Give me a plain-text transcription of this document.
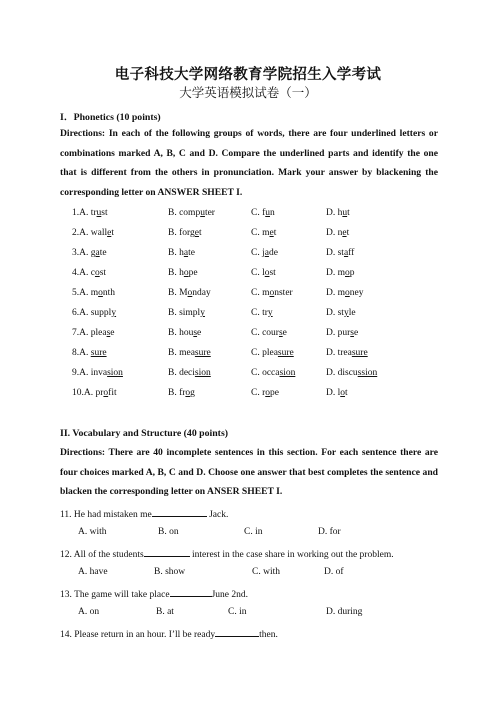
电子科技大学网络教育学院招生入学考试
大学英语模拟试卷（一）
I．Phonetics (10 points)
Directions: In each of the following groups of words, there are four underlined letters or combinations marked A, B, C and D. Compare the underlined parts and identify the one that is different from the others in pronunciation. Mark your answer by blackening the corresponding letter on ANSWER SHEET I.
1.A. trust	B. computer	C. fun	D. hut
2.A. wallet	B. forget	C. met	D. net
3.A. gate	B. hate	C. jade	D. staff
4.A. cost	B. hope	C. lost	D. mop
5.A. month	B. Monday	C. monster	D. money
6.A. supply	B. simply	C. try	D. style
7.A. please	B. house	C. course	D. purse
8.A. sure	B. measure	C. pleasure	D. treasure
9.A. invasion	B. decision	C. occasion	D. discussion
10.A. profit	B. frog	C. rope	D. lot
II. Vocabulary and Structure (40 points)
Directions: There are 40 incomplete sentences in this section. For each sentence there are four choices marked A, B, C and D. Choose one answer that best completes the sentence and blacken the corresponding letter on ANSER SHEET I.
11. He had mistaken me	Jack.
A. with	B. on	C. in	D. for
12. All of the students	interest in the case share in working out the problem.
A. have	B. show	C. with	D. of
13. The game will take place	June 2nd.
A. on	B. at	C. in	D. during
14. Please return in an hour. I’ll be ready	then.
